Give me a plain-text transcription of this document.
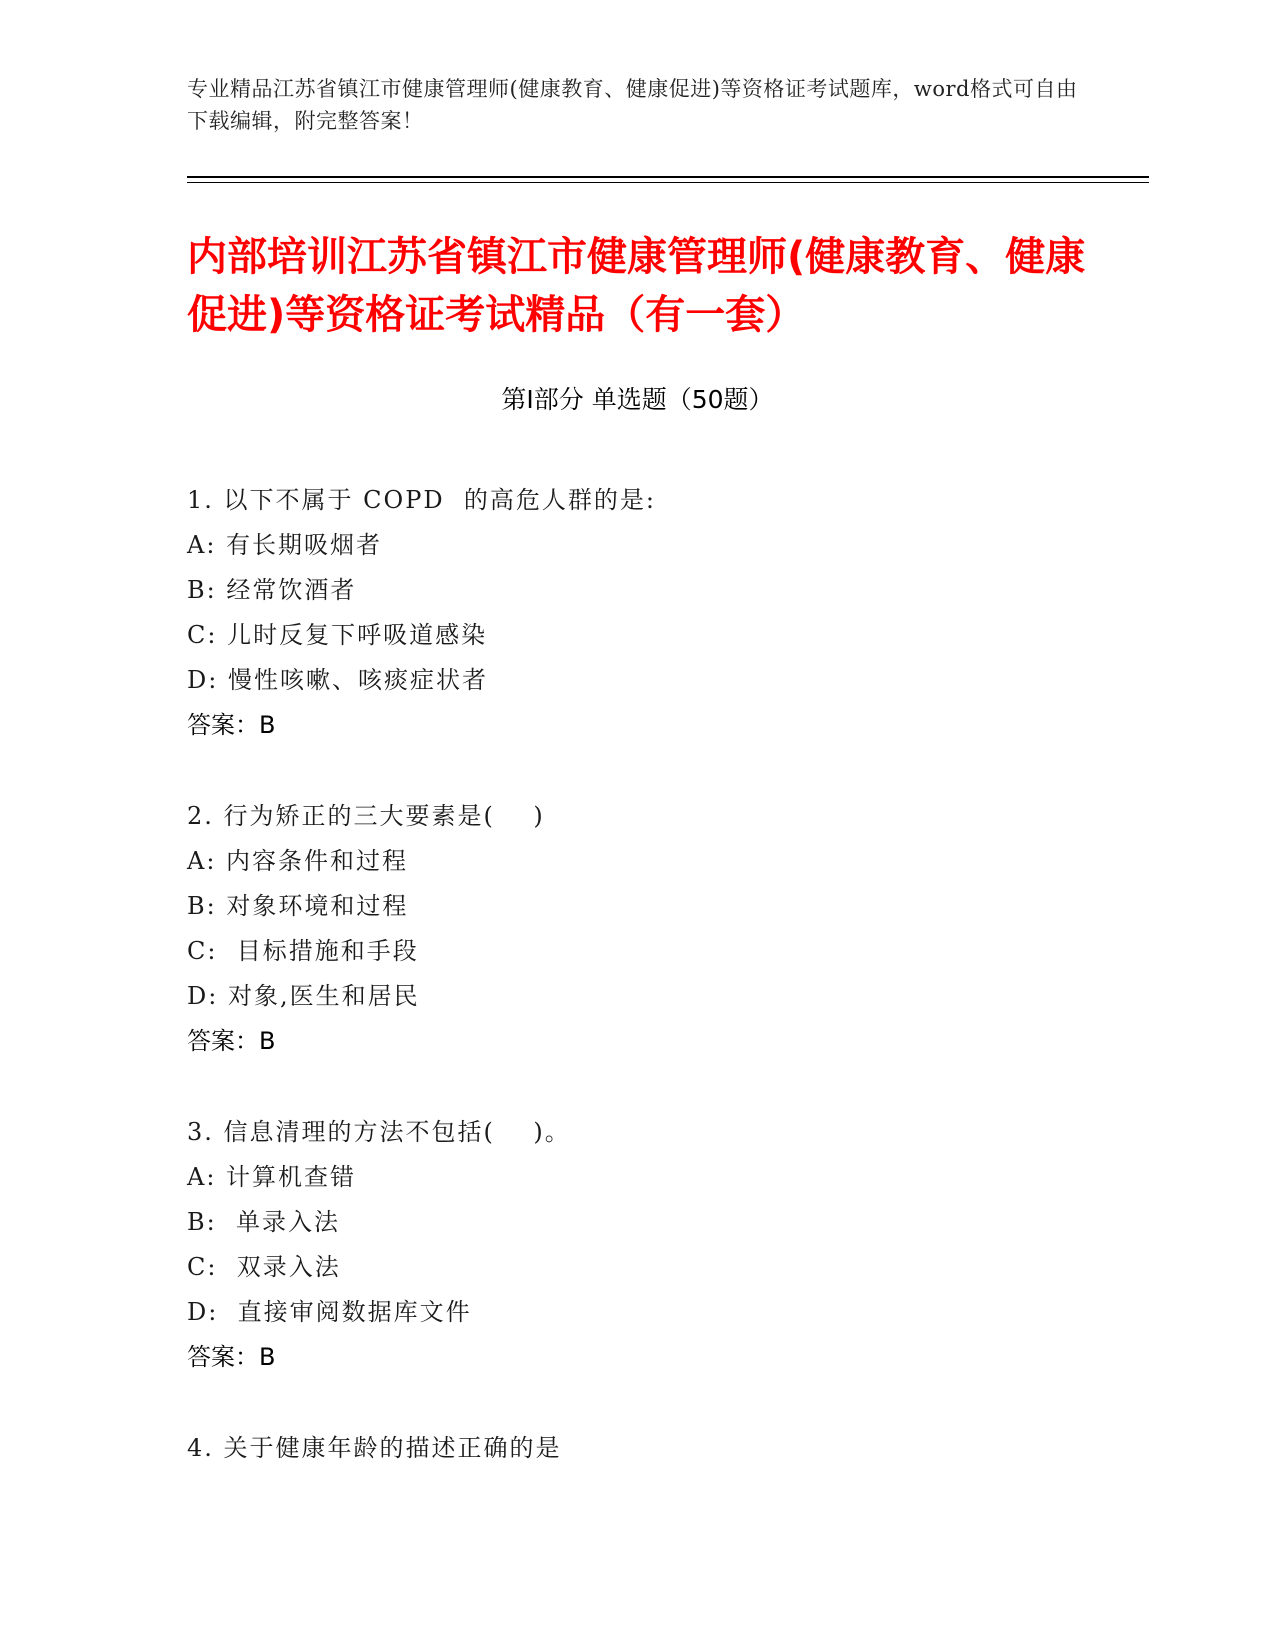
专业精品江苏省镇江市健康管理师(健康教育、健康促进)等资格证考试题库，word格式可自由下载编辑，附完整答案！
内部培训江苏省镇江市健康管理师(健康教育、健康促进)等资格证考试精品（有一套）
第Ⅰ部分 单选题（50题）
1. 以下不属于 COPD  的高危人群的是:
A: 有长期吸烟者
B: 经常饮酒者
C: 儿时反复下呼吸道感染
D: 慢性咳嗽、咳痰症状者
答案：B
2. 行为矫正的三大要素是(    )
A: 内容条件和过程
B: 对象环境和过程
C:  目标措施和手段
D: 对象,医生和居民
答案：B
3. 信息清理的方法不包括(    )。
A: 计算机查错
B:  单录入法
C:  双录入法
D:  直接审阅数据库文件
答案：B
4. 关于健康年龄的描述正确的是
